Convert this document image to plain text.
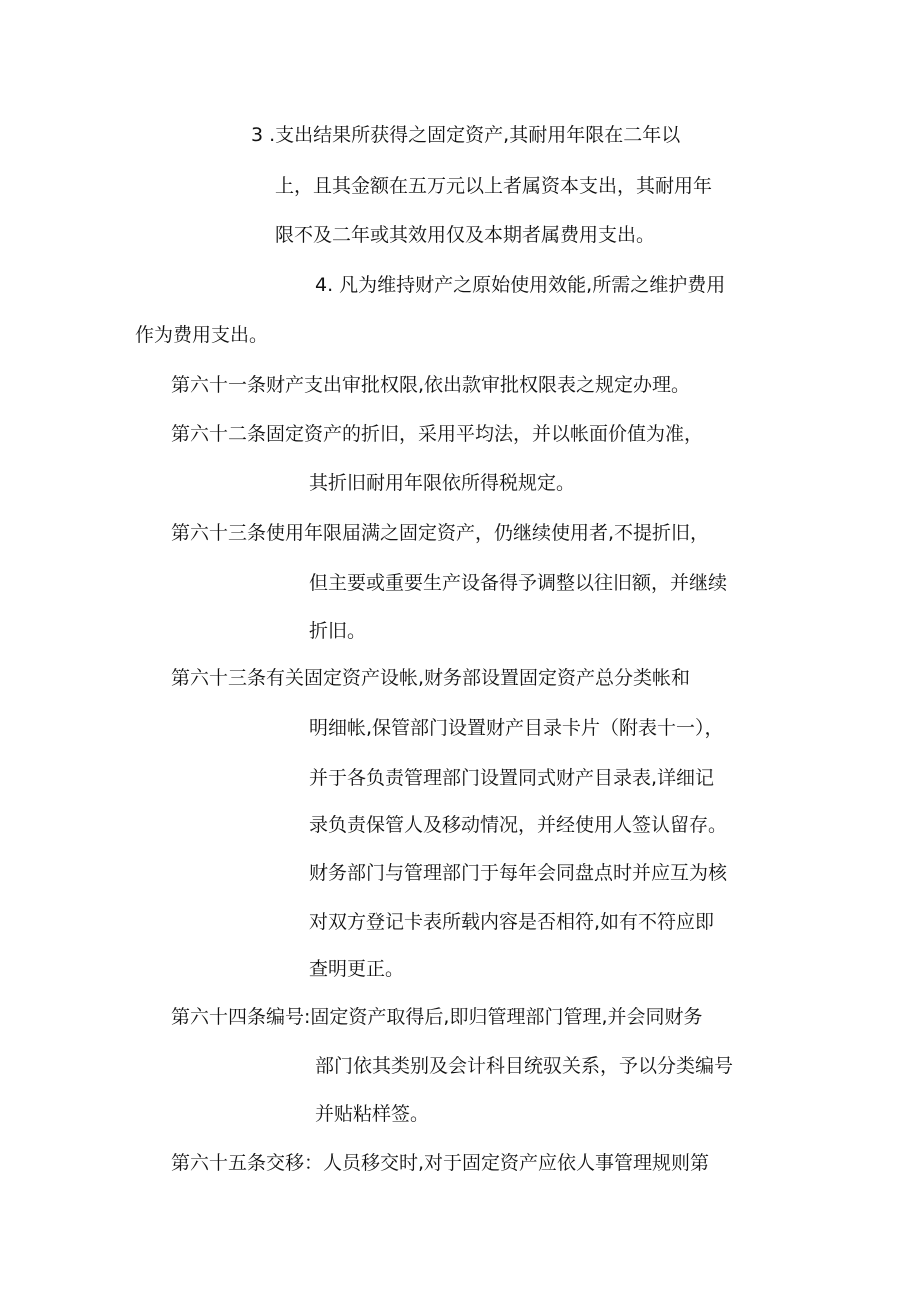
3 .支出结果所获得之固定资产,其耐用年限在二年以
上，且其金额在五万元以上者属资本支出，其耐用年
限不及二年或其效用仅及本期者属费用支出。
4. 凡为维持财产之原始使用效能,所需之维护费用
作为费用支出。
第六十一条财产支出审批权限,依出款审批权限表之规定办理。
第六十二条固定资产的折旧，采用平均法，并以帐面价值为准，
其折旧耐用年限依所得税规定。
第六十三条使用年限届满之固定资产，仍继续使用者,不提折旧，
但主要或重要生产设备得予调整以往旧额，并继续
折旧。
第六十三条有关固定资产设帐,财务部设置固定资产总分类帐和
明细帐,保管部门设置财产目录卡片（附表十一），
并于各负责管理部门设置同式财产目录表,详细记
录负责保管人及移动情况，并经使用人签认留存。
财务部门与管理部门于每年会同盘点时并应互为核
对双方登记卡表所载内容是否相符,如有不符应即
查明更正。
第六十四条编号:固定资产取得后,即归管理部门管理,并会同财务
部门依其类别及会计科目统驭关系，予以分类编号
并贴粘样签。
第六十五条交移：人员移交时,对于固定资产应依人事管理规则第
